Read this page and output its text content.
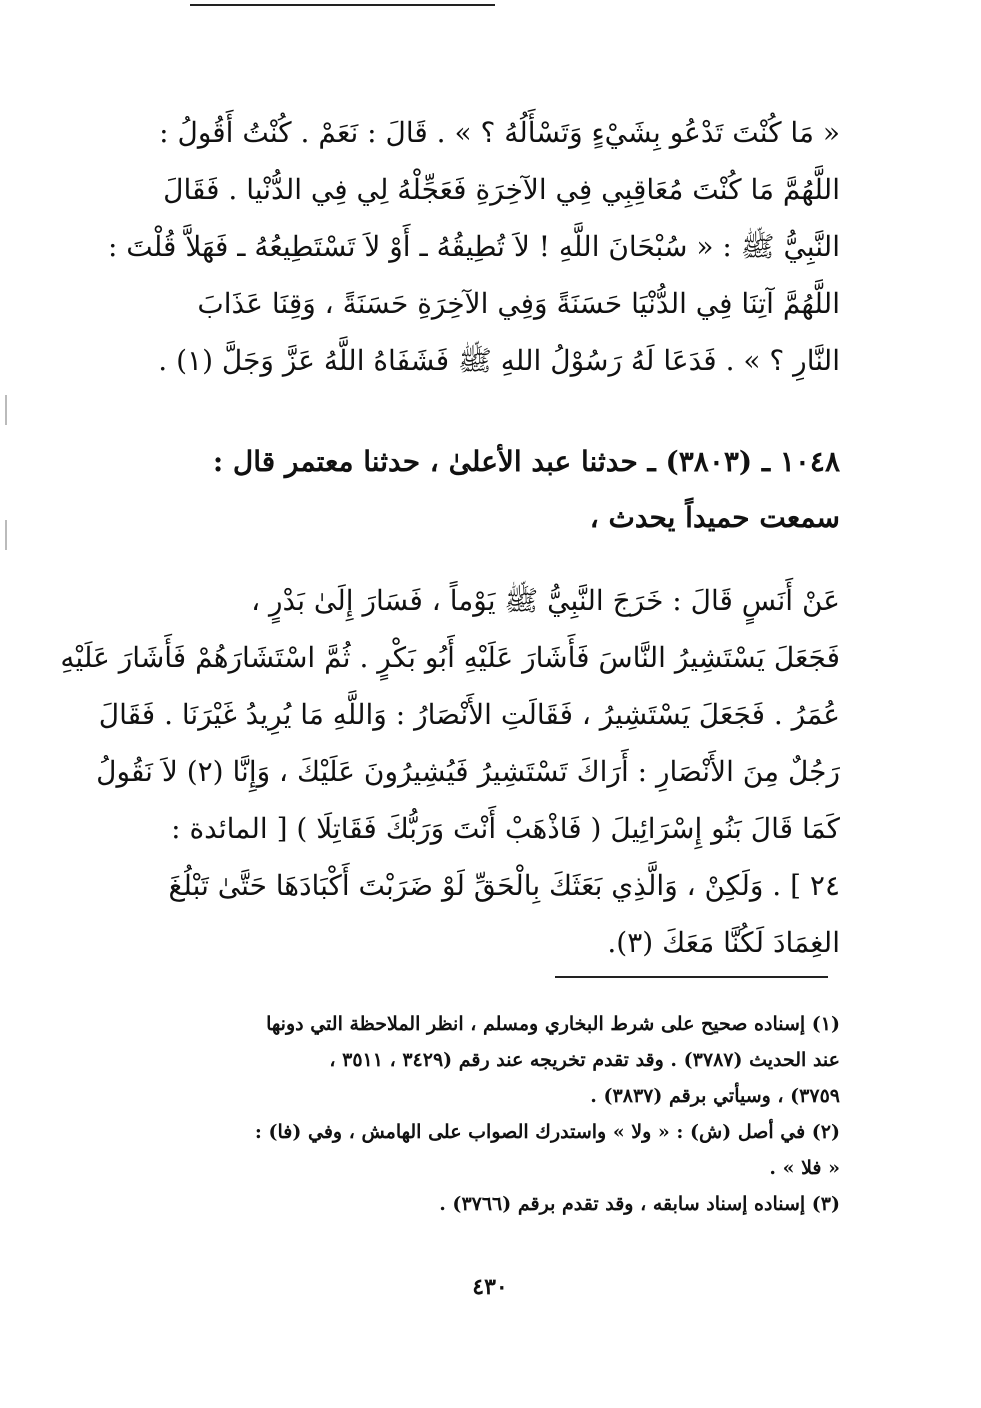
« مَا كُنْتَ تَدْعُو بِشَيْءٍ وَتَسْأَلُهُ ؟ » . قَالَ : نَعَمْ . كُنْتُ أَقُولُ :
اللَّهُمَّ مَا كُنْتَ مُعَاقِبِي فِي الآخِرَةِ فَعَجِّلْهُ لِي فِي الدُّنْيا . فَقَالَ
النَّبِيُّ ﷺ : « سُبْحَانَ اللَّهِ ! لاَ تُطِيقُهُ ـ أَوْ لاَ تَسْتَطِيعُهُ ـ فَهَلاَّ قُلْتَ :
اللَّهُمَّ آتِنَا فِي الدُّنْيَا حَسَنَةً وَفِي الآخِرَةِ حَسَنَةً ، وَقِنَا عَذَابَ
النَّارِ ؟ » . فَدَعَا لَهُ رَسُوْلُ اللهِ ﷺ فَشَفَاهُ اللَّهُ عَزَّ وَجَلَّ (١) .
١٠٤٨ ـ (٣٨٠٣) ـ حدثنا عبد الأعلىٰ ، حدثنا معتمر قال :
سمعت حميداً يحدث ،
عَنْ أَنَسٍ قَالَ : خَرَجَ النَّبِيُّ ﷺ يَوْماً ، فَسَارَ إِلَىٰ بَدْرٍ ،
فَجَعَلَ يَسْتَشِيرُ النَّاسَ فَأَشَارَ عَلَيْهِ أَبُو بَكْرٍ . ثُمَّ اسْتَشَارَهُمْ فَأَشَارَ عَلَيْهِ
عُمَرُ . فَجَعَلَ يَسْتَشِيرُ ، فَقَالَتِ الأَنْصَارُ : وَاللَّهِ مَا يُرِيدُ غَيْرَنَا . فَقَالَ
رَجُلٌ مِنَ الأَنْصَارِ : أَرَاكَ تَسْتَشِيرُ فَيُشِيرُونَ عَلَيْكَ ، وَإِنَّا (٢) لاَ نَقُولُ
كَمَا قَالَ بَنُو إِسْرَائِيلَ ( فَاذْهَبْ أَنْتَ وَرَبُّكَ فَقَاتِلَا ) [ المائدة :
٢٤ ] . وَلَكِنْ ، وَالَّذِي بَعَثَكَ بِالْحَقِّ لَوْ ضَرَبْتَ أَكْبَادَهَا حَتَّىٰ تَبْلُغَ
الغِمَادَ لَكُنَّا مَعَكَ (٣).
(١) إسناده صحيح على شرط البخاري ومسلم ، انظر الملاحظة التي دونها
عند الحديث (٣٧٨٧) . وقد تقدم تخريجه عند رقم (٣٤٢٩ ، ٣٥١١ ،
٣٧٥٩) ، وسيأتي برقم (٣٨٣٧) .
(٢) في أصل (ش) : « ولا » واستدرك الصواب على الهامش ، وفي (فا) :
« فلا » .
(٣) إسناده إسناد سابقه ، وقد تقدم برقم (٣٧٦٦) .
٤٣٠
